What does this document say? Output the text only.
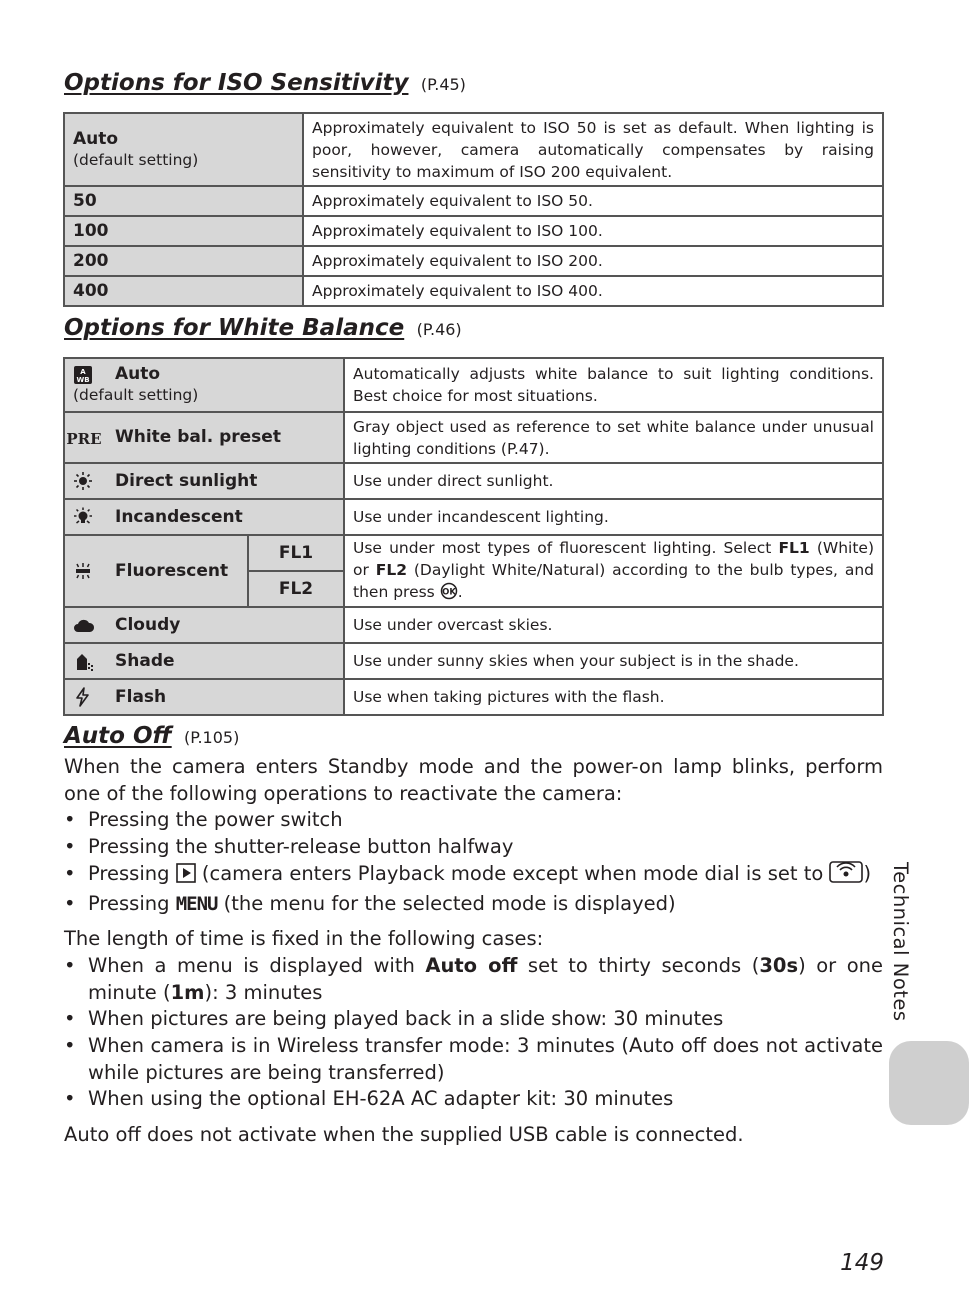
Options for ISO Sensitivity (P.45)
Auto
(default setting)	Approximately equivalent to ISO 50 is set as default. When lighting is poor, however, camera automatically compensates by raising sensitivity to maximum of ISO 200 equivalent.
50	Approximately equivalent to ISO 50.
100	Approximately equivalent to ISO 100.
200	Approximately equivalent to ISO 200.
400	Approximately equivalent to ISO 400.
Options for White Balance (P.46)
A
WB Auto
(default setting)		Automatically adjusts white balance to suit lighting conditions. Best choice for most situations.

PRE White bal. preset		Gray object used as reference to set white balance under unusual lighting conditions (P.47).

Direct sunlight		Use under direct sunlight.

Incandescent		Use under incandescent lighting.

Fluorescent	FL1	Use under most types of fluorescent lighting. Select FL1 (White) or FL2 (Daylight White/Natural) according to the bulb types, and then press OK .
	FL2	

Cloudy		Use under overcast skies.

Shade		Use under sunny skies when your subject is in the shade.

Flash		Use when taking pictures with the flash.
Auto Off (P.105)

When the camera enters Standby mode and the power-on lamp blinks, perform one of the following operations to reactivate the camera:

• Pressing the power switch
• Pressing the shutter-release button halfway
• Pressing  (camera enters Playback mode except when mode dial is set to )
• Pressing MENU (the menu for the selected mode is displayed)

The length of time is fixed in the following cases:

• When a menu is displayed with Auto off set to thirty seconds (30s) or one minute (1m): 3 minutes
• When pictures are being played back in a slide show: 30 minutes
• When camera is in Wireless transfer mode: 3 minutes (Auto off does not activate while pictures are being transferred)
• When using the optional EH-62A AC adapter kit: 30 minutes

Auto off does not activate when the supplied USB cable is connected.

Technical Notes
149
